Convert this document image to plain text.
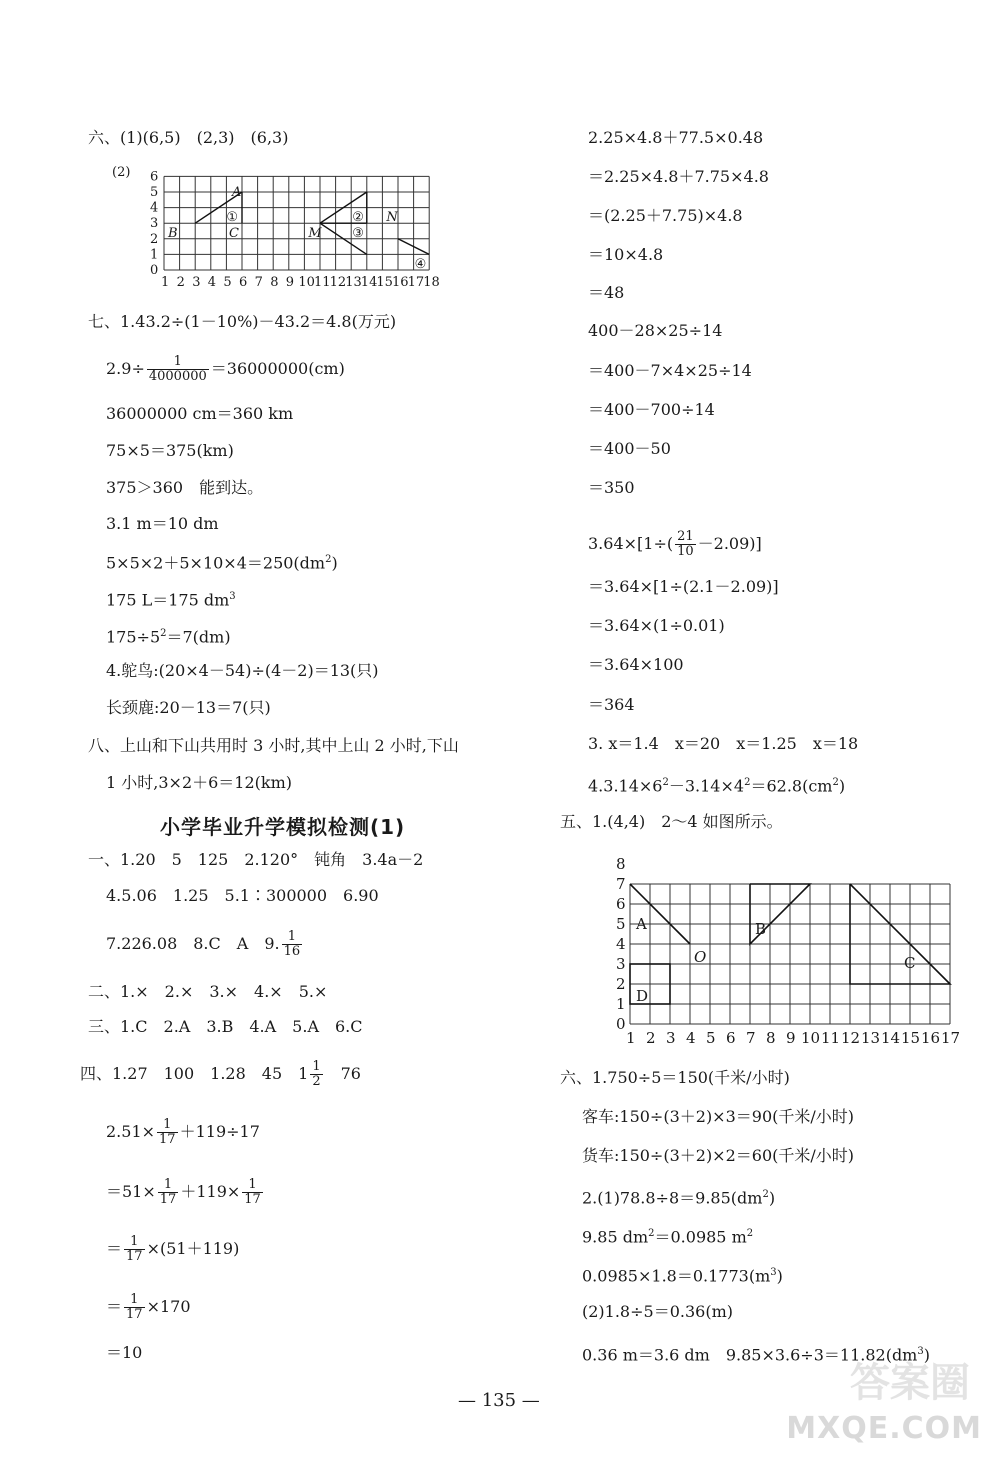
六、(1)(6,5)　(2,3)　(6,3)
(2)
0
1
2
3
4
5
6
1 2 3 4 5 6 7 8 9 10 11 12 13 14 15 16 17 18
A
B	C	M
N
①	②
③
④
七、1.43.2÷(1－10%)－43.2＝4.8(万元)
$2.9\div \frac{1}{4000000} =36000000(cm)$
36000000 cm＝360 km
75×5＝375(km)
375＞360　能到达。
3.1 m＝10 dm
$5\times 5\times 2+5\times 10\times 4=250(dm^2)$
175 L＝175 $dm^3$
$175\div 5^2=7(dm)$
4.鸵鸟:(20×4－54)÷(4－2)＝13(只)
长颈鹿:20－13＝7(只)
八、上山和下山共用时 3 小时,其中上山 2 小时,下山
1 小时,3×2＋6＝12(km)
小学毕业升学模拟检测(1)
一、1.20　5　125　2.120°　钝角　3.4a－2
4.5.06　1.25　5.1∶300000　6.90
7.226.08　8.C　A　9. $\frac{1}{16}$
二、1.×　2.×　3.×　4.×　5.×
三、1.C　2.A　3.B　4.A　5.A　6.C
四、1.27　100　1.28　45　$1 \frac{1}{2}$ 　76
$2.51\times \frac{1}{17} +119\div 17$
$=51\times \frac{1}{17} +119\times \frac{1}{17}$
＝ $\frac{1}{17} \times(51+119)$
＝ $\frac{1}{17} \times 170$
＝10
2.25×4.8＋77.5×0.48
＝2.25×4.8＋7.75×4.8
＝(2.25＋7.75)×4.8
＝10×4.8
＝48
400－28×25÷14
＝400－7×4×25÷14
＝400－700÷14
＝400－50
＝350
$3.64\times[1\div( \frac{21}{10} -2.09)]$
＝3.64×[1÷(2.1－2.09)]
＝3.64×(1÷0.01)
＝3.64×100
＝364
3. x＝1.4　x＝20　x＝1.25　x＝18
$4.3.14\times 6^2-3.14\times 4^2=62.8(cm^2)$
五、1.(4,4)　2～4 如图所示。
0
1
2
3
4
5
6
7
8
1 2 3 4 5 6 7 8 9 10 11 12 13 14 15 16 17
A	B
C
D
O
六、1.750÷5＝150(千米/小时)
客车:150÷(3＋2)×3＝90(千米/小时)
货车:150÷(3＋2)×2＝60(千米/小时)
$2.(1)78.8\div 8=9.85(dm^2)$
9.85 $dm^2=0.0985$ $m^2$
$0.0985\times 1.8=0.1773(m^3)$
(2)1.8÷5＝0.36(m)
0.36 m＝3.6 dm　$9.85\times 3.6\div 3=11.82(dm^3)$
— 135 —	答案圈
MXQE.COM
